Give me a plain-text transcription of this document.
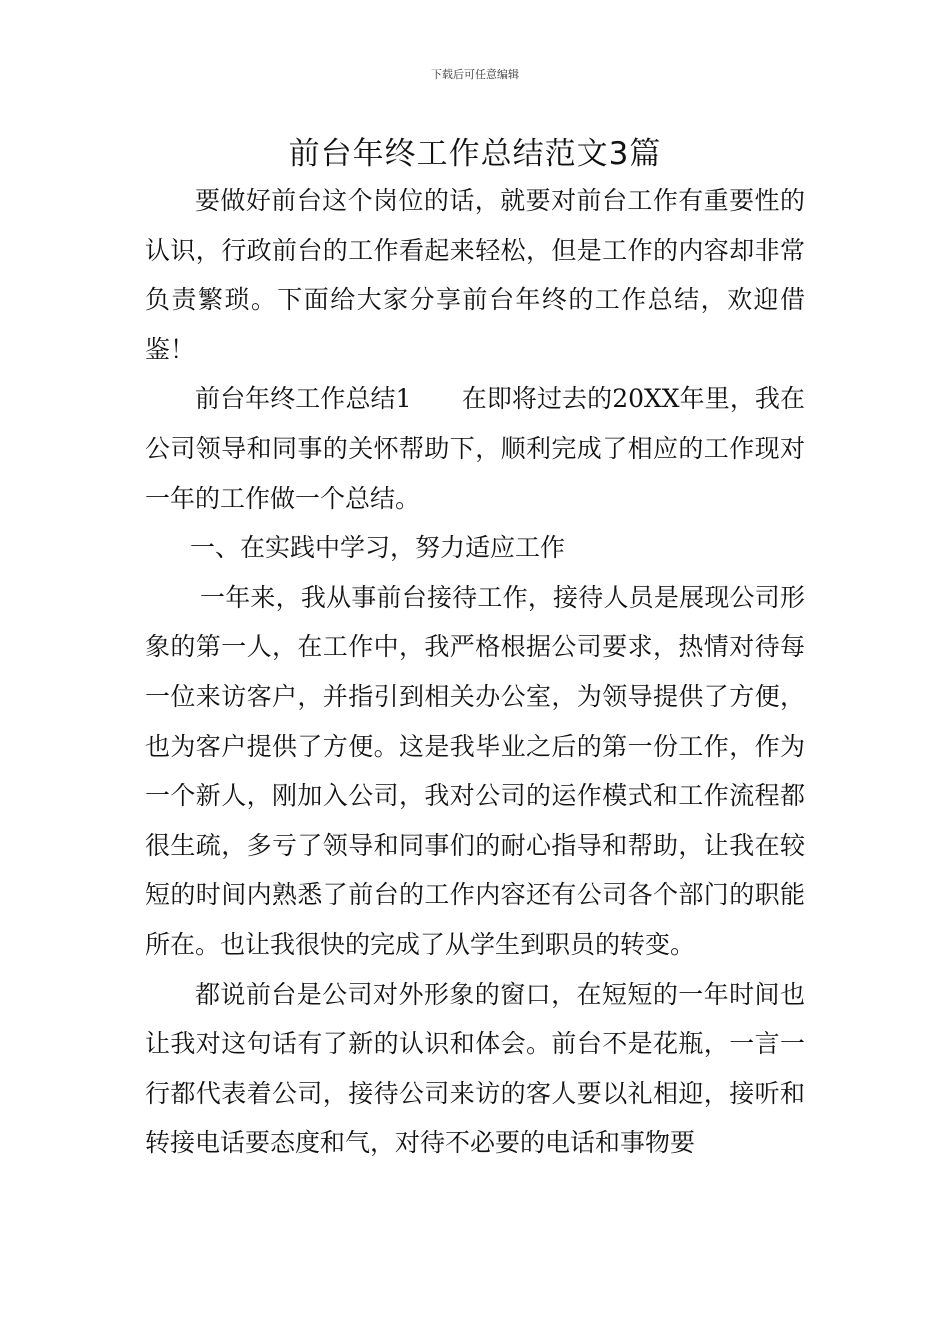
下载后可任意编辑
前台年终工作总结范文3篇

要做好前台这个岗位的话，就要对前台工作有重要性的认识，行政前台的工作看起来轻松，但是工作的内容却非常负责繁琐。下面给大家分享前台年终的工作总结，欢迎借鉴！

前台年终工作总结1　　在即将过去的20XX年里，我在公司领导和同事的关怀帮助下，顺利完成了相应的工作现对一年的工作做一个总结。

一、在实践中学习，努力适应工作

一年来，我从事前台接待工作，接待人员是展现公司形象的第一人，在工作中，我严格根据公司要求，热情对待每一位来访客户，并指引到相关办公室，为领导提供了方便，也为客户提供了方便。这是我毕业之后的第一份工作，作为一个新人，刚加入公司，我对公司的运作模式和工作流程都很生疏，多亏了领导和同事们的耐心指导和帮助，让我在较短的时间内熟悉了前台的工作内容还有公司各个部门的职能所在。也让我很快的完成了从学生到职员的转变。

都说前台是公司对外形象的窗口，在短短的一年时间也让我对这句话有了新的认识和体会。前台不是花瓶，一言一行都代表着公司，接待公司来访的客人要以礼相迎，接听和转接电话要态度和气，对待不必要的电话和事物要
